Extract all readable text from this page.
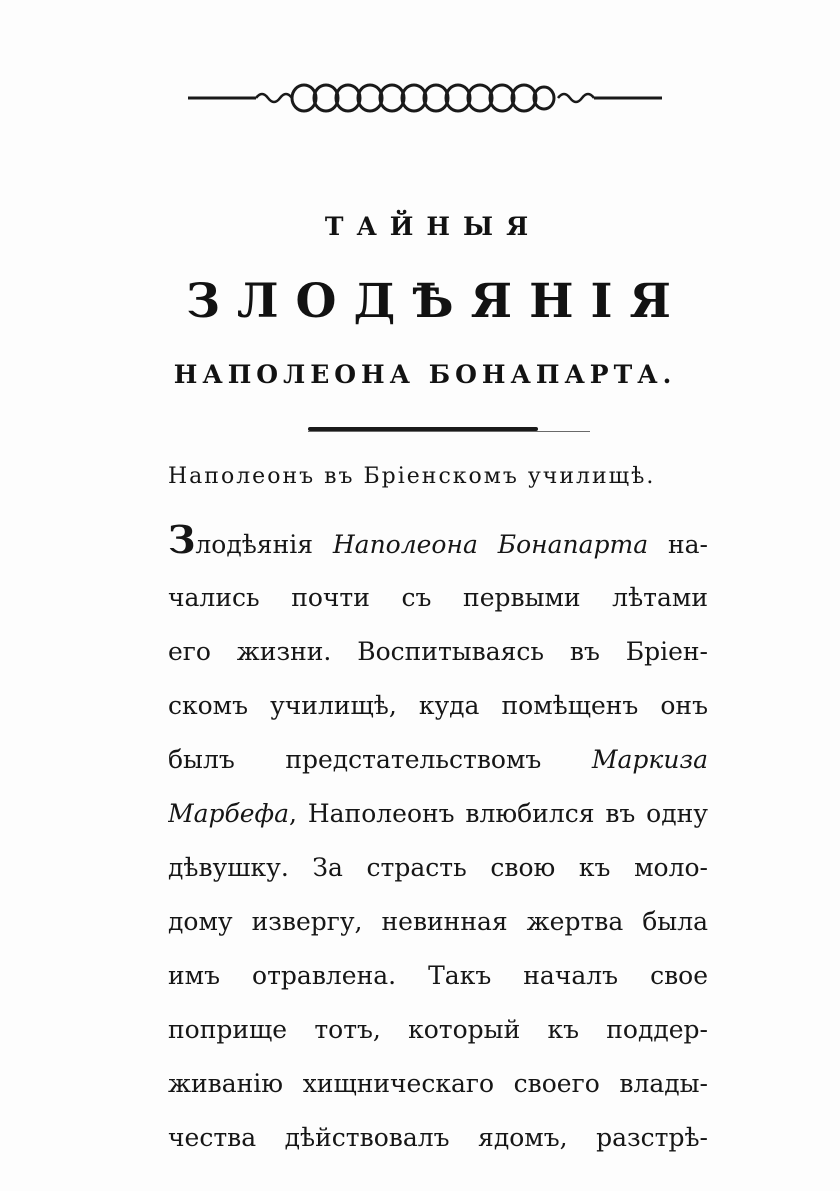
ТАЙНЫЯ
ЗЛОДѢЯНIЯ
НАПОЛЕОНА БОНАПАРТА.
Наполеонъ въ Бріенскомъ училищѣ.
Злодѣянія Наполеона Бонапарта на-
чались почти съ первыми лѣтами
его жизни. Воспитываясь въ Бріен-
скомъ училищѣ, куда помѣщенъ онъ
былъ предстательствомъ Маркиза
Марбефа, Наполеонъ влюбился въ одну
дѣвушку. За страсть свою къ моло-
дому извергу, невинная жертва была
имъ отравлена. Такъ началъ свое
поприще тотъ, который къ поддер-
живанію хищническаго своего влады-
чества дѣйствовалъ ядомъ, разстрѣ-
